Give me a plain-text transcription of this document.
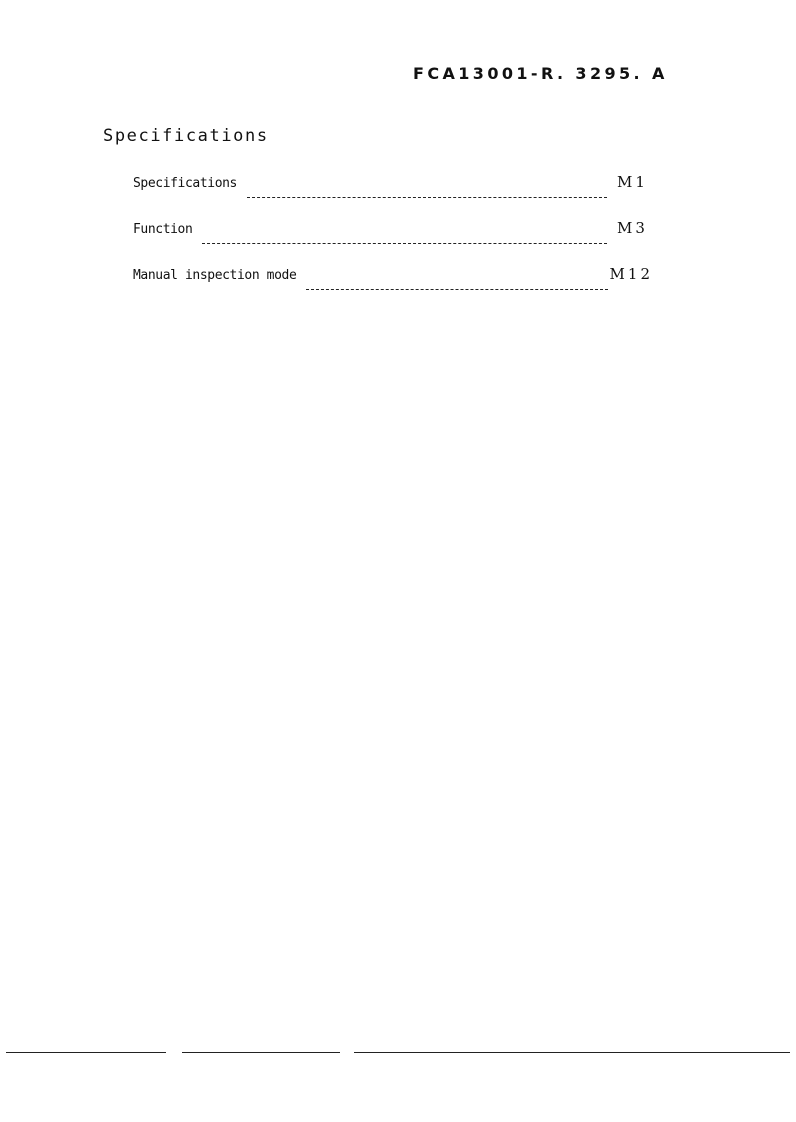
FCA13001-R. 3295. A
Specifications
Specifications	M1
Function	M3
Manual inspection mode	M12
